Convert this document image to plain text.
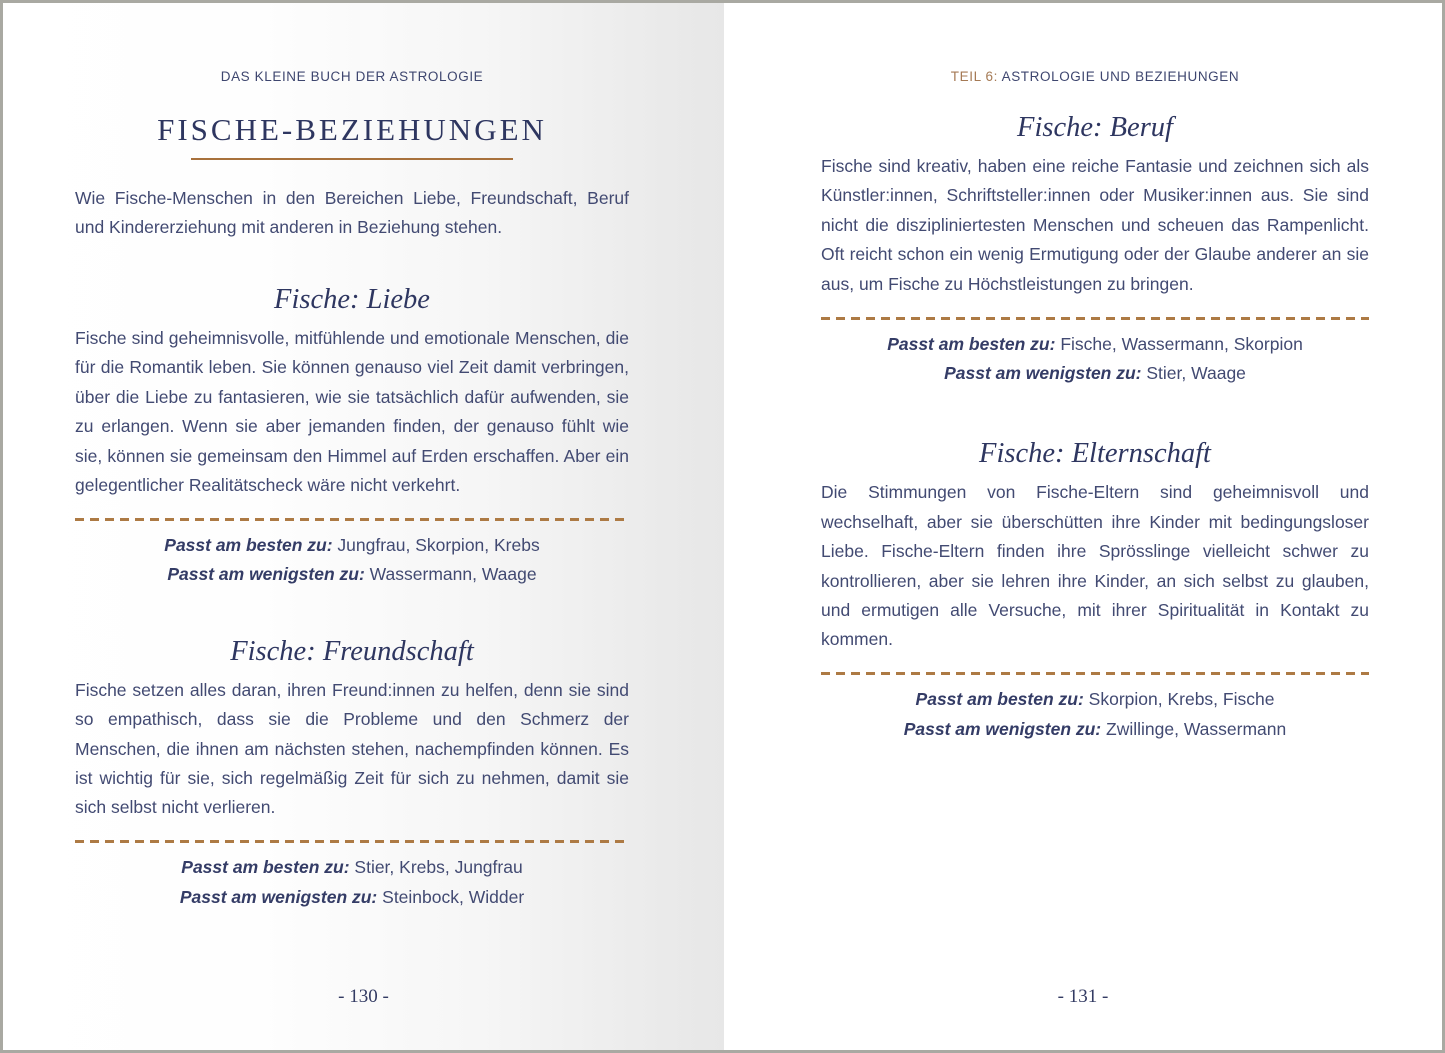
DAS KLEINE BUCH DER ASTROLOGIE
FISCHE-BEZIEHUNGEN

Wie Fische-Menschen in den Bereichen Liebe, Freundschaft, Beruf und Kindererziehung mit anderen in Beziehung stehen.

Fische: Liebe

Fische sind geheimnisvolle, mitfühlende und emotionale Menschen, die für die Romantik leben. Sie können genauso viel Zeit damit verbringen, über die Liebe zu fantasieren, wie sie tatsächlich dafür aufwenden, sie zu erlangen. Wenn sie aber jemanden finden, der genauso fühlt wie sie, können sie gemeinsam den Himmel auf Erden erschaffen. Aber ein gelegentlicher Realitätscheck wäre nicht verkehrt.

Passt am besten zu: Jungfrau, Skorpion, Krebs
Passt am wenigsten zu: Wassermann, Waage
Fische: Freundschaft

Fische setzen alles daran, ihren Freund:innen zu helfen, denn sie sind so empathisch, dass sie die Probleme und den Schmerz der Menschen, die ihnen am nächsten stehen, nachempfinden können. Es ist wichtig für sie, sich regelmäßig Zeit für sich zu nehmen, damit sie sich selbst nicht verlieren.

Passt am besten zu: Stier, Krebs, Jungfrau
Passt am wenigsten zu: Steinbock, Widder
- 130 -
TEIL 6: ASTROLOGIE UND BEZIEHUNGEN
Fische: Beruf

Fische sind kreativ, haben eine reiche Fantasie und zeichnen sich als Künstler:innen, Schriftsteller:innen oder Musiker:innen aus. Sie sind nicht die diszipliniertesten Menschen und scheuen das Rampenlicht. Oft reicht schon ein wenig Ermutigung oder der Glaube anderer an sie aus, um Fische zu Höchstleistungen zu bringen.

Passt am besten zu: Fische, Wassermann, Skorpion
Passt am wenigsten zu: Stier, Waage
Fische: Elternschaft

Die Stimmungen von Fische-Eltern sind geheimnisvoll und wechselhaft, aber sie überschütten ihre Kinder mit bedingungsloser Liebe. Fische-Eltern finden ihre Sprösslinge vielleicht schwer zu kontrollieren, aber sie lehren ihre Kinder, an sich selbst zu glauben, und ermutigen alle Versuche, mit ihrer Spiritualität in Kontakt zu kommen.

Passt am besten zu: Skorpion, Krebs, Fische
Passt am wenigsten zu: Zwillinge, Wassermann
- 131 -
